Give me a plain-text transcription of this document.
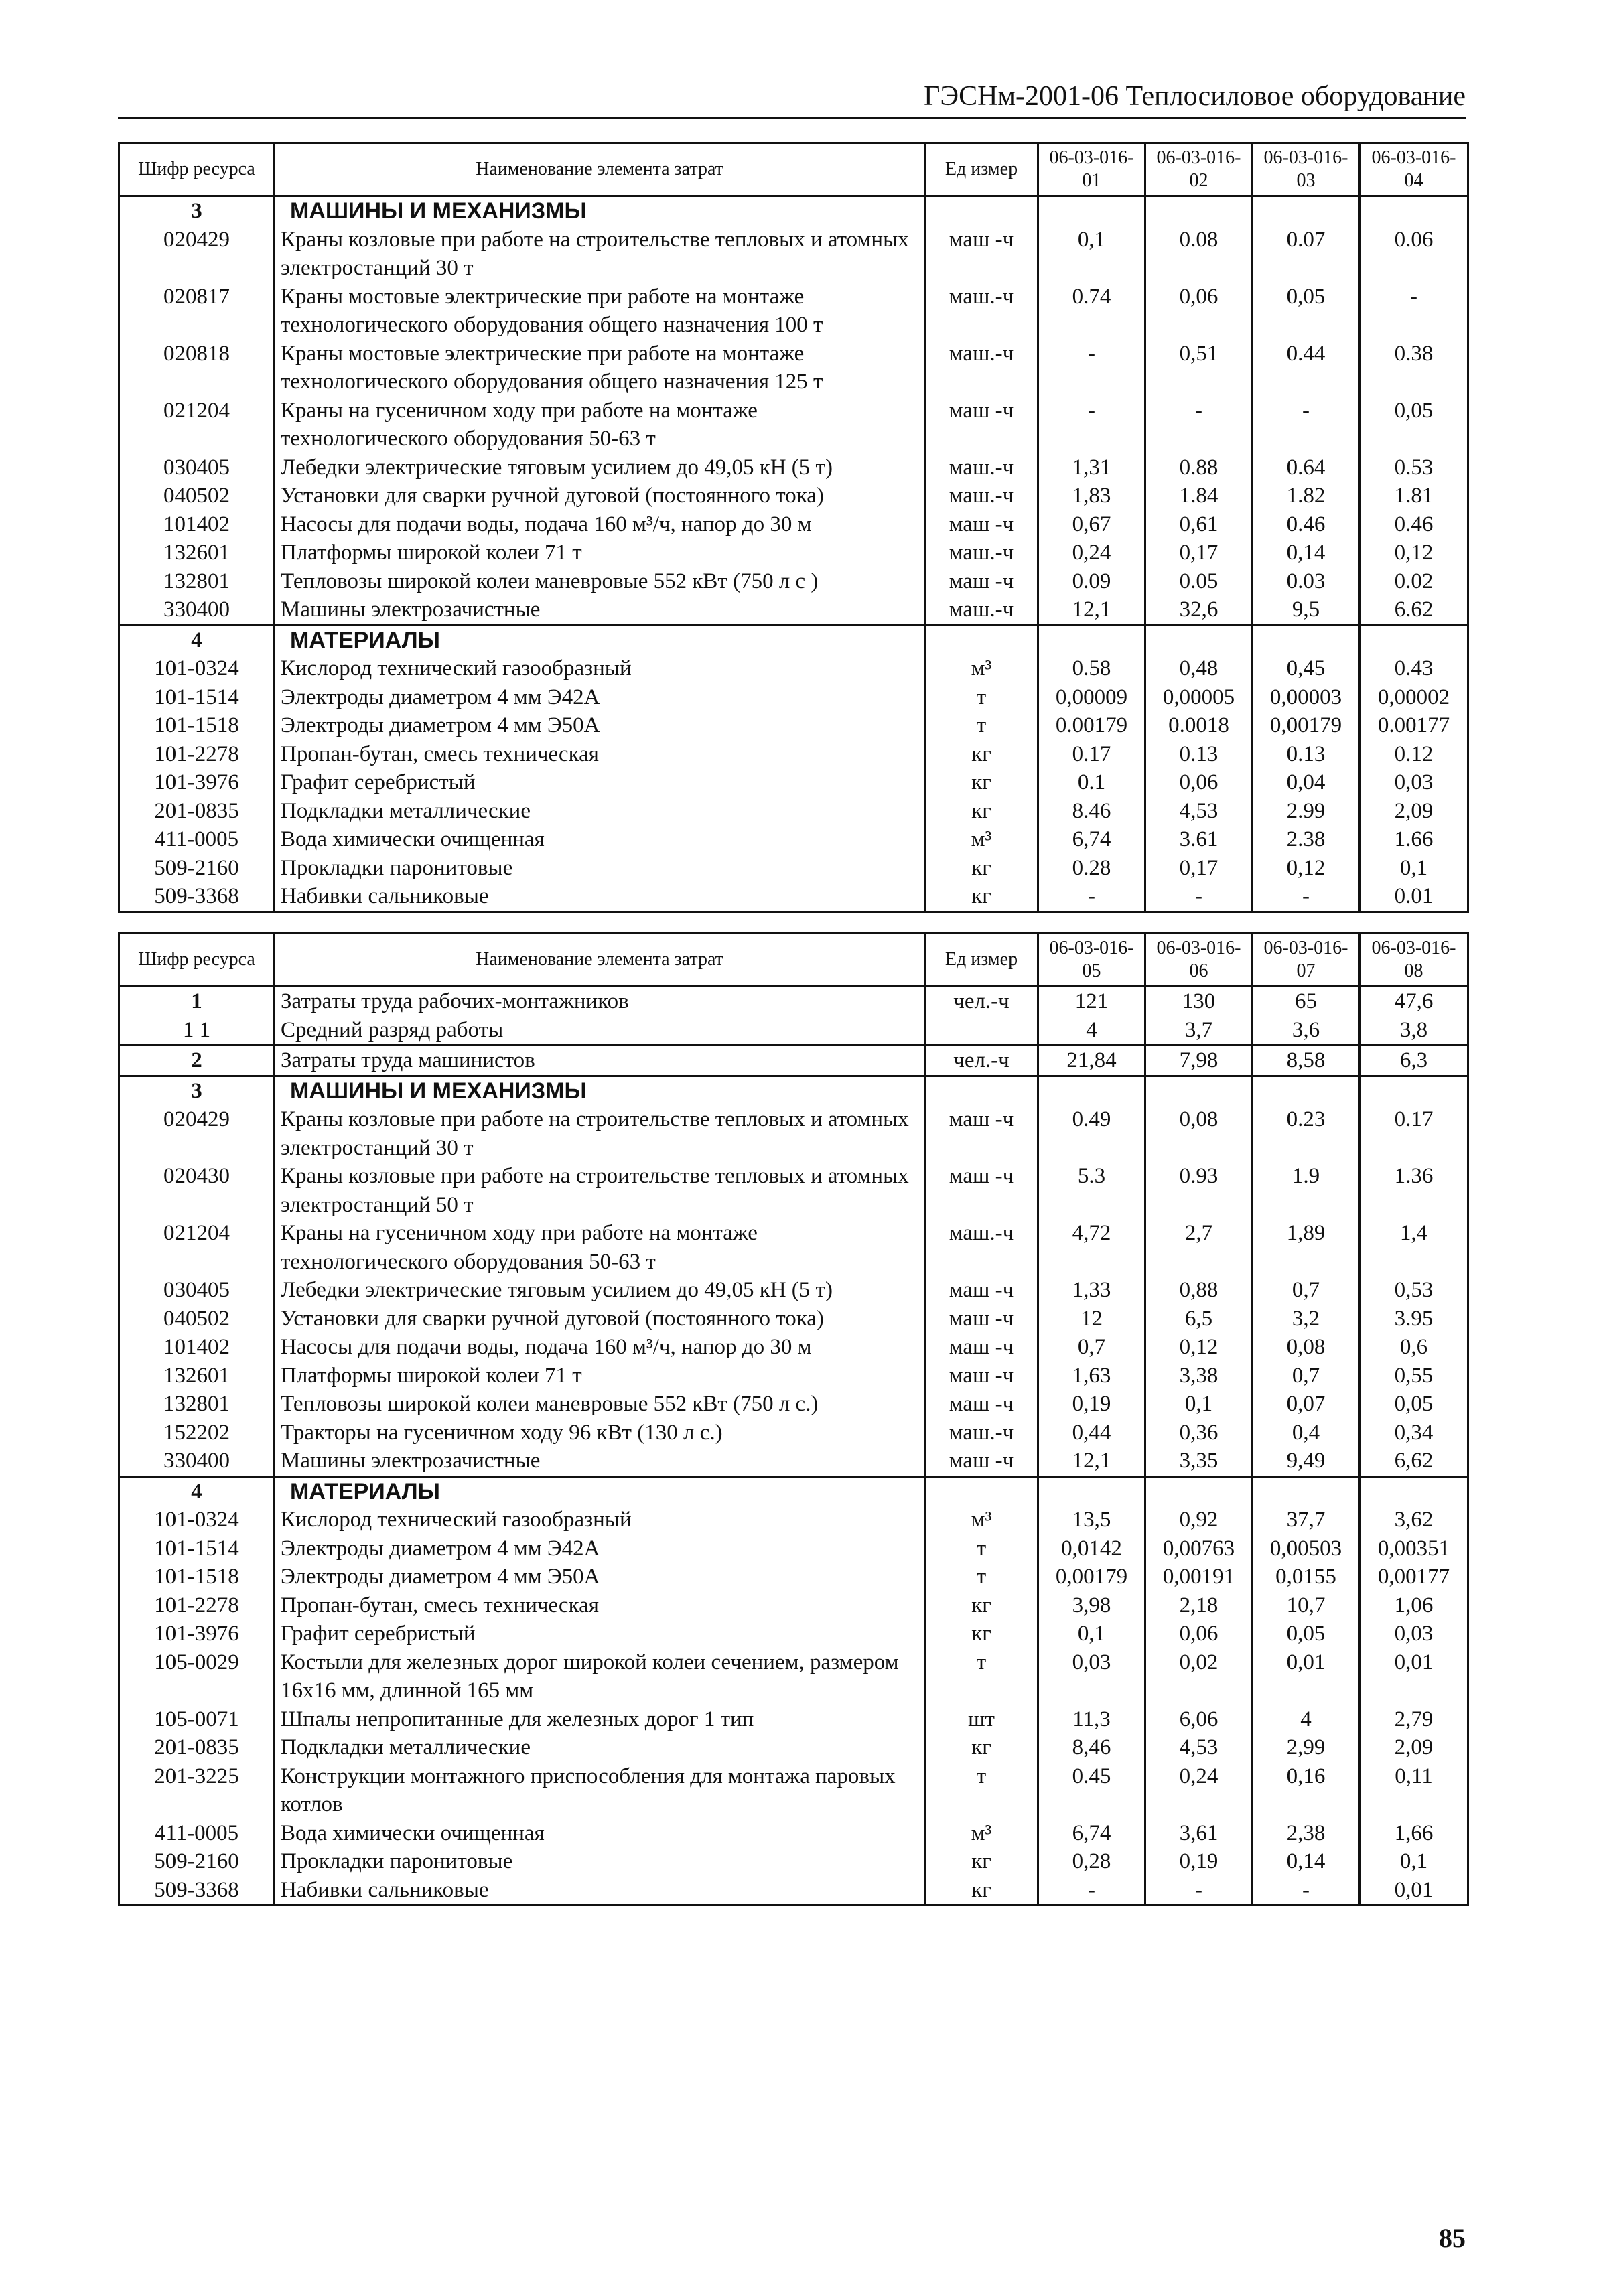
ГЭСНм-2001-06 Теплосиловое оборудование
Шифр ресурса	Наименование элемента затрат	Ед измер	06-03-016-01	06-03-016-02	06-03-016-03	06-03-016-04
3	МАШИНЫ И МЕХАНИЗМЫ					
020429	Краны козловые при работе на строительстве тепловых и атомных электростанций 30 т	маш -ч	0,1	0.08	0.07	0.06
020817	Краны мостовые электрические при работе на монтаже технологического оборудования общего назначения 100 т	маш.-ч	0.74	0,06	0,05	-
020818	Краны мостовые электрические при работе на монтаже технологического оборудования общего назначения 125 т	маш.-ч	-	0,51	0.44	0.38
021204	Краны на гусеничном ходу при работе на монтаже технологического оборудования 50-63 т	маш -ч	-	-	-	0,05
030405	Лебедки электрические тяговым усилием до 49,05 кН (5 т)	маш.-ч	1,31	0.88	0.64	0.53
040502	Установки для сварки ручной дуговой (постоянного тока)	маш.-ч	1,83	1.84	1.82	1.81
101402	Насосы для подачи воды, подача 160 м³/ч, напор до 30 м	маш -ч	0,67	0,61	0.46	0.46
132601	Платформы широкой колеи 71 т	маш.-ч	0,24	0,17	0,14	0,12
132801	Тепловозы широкой колеи маневровые 552 кВт (750 л с )	маш -ч	0.09	0.05	0.03	0.02
330400	Машины электрозачистные	маш.-ч	12,1	32,6	9,5	6.62
4	МАТЕРИАЛЫ					
101-0324	Кислород технический газообразный	м³	0.58	0,48	0,45	0.43
101-1514	Электроды диаметром 4 мм Э42А	т	0,00009	0,00005	0,00003	0,00002
101-1518	Электроды диаметром 4 мм Э50А	т	0.00179	0.0018	0,00179	0.00177
101-2278	Пропан-бутан, смесь техническая	кг	0.17	0.13	0.13	0.12
101-3976	Графит серебристый	кг	0.1	0,06	0,04	0,03
201-0835	Подкладки металлические	кг	8.46	4,53	2.99	2,09
411-0005	Вода химически очищенная	м³	6,74	3.61	2.38	1.66
509-2160	Прокладки паронитовые	кг	0.28	0,17	0,12	0,1
509-3368	Набивки сальниковые	кг	-	-	-	0.01
Шифр ресурса	Наименование элемента затрат	Ед измер	06-03-016-05	06-03-016-06	06-03-016-07	06-03-016-08
1	Затраты труда рабочих-монтажников	чел.-ч	121	130	65	47,6
1 1	Средний разряд работы		4	3,7	3,6	3,8
2	Затраты труда машинистов	чел.-ч	21,84	7,98	8,58	6,3
3	МАШИНЫ И МЕХАНИЗМЫ					
020429	Краны козловые при работе на строительстве тепловых и атомных электростанций 30 т	маш -ч	0.49	0,08	0.23	0.17
020430	Краны козловые при работе на строительстве тепловых и атомных электростанций 50 т	маш -ч	5.3	0.93	1.9	1.36
021204	Краны на гусеничном ходу при работе на монтаже технологического оборудования 50-63 т	маш.-ч	4,72	2,7	1,89	1,4
030405	Лебедки электрические тяговым усилием до 49,05 кН (5 т)	маш -ч	1,33	0,88	0,7	0,53
040502	Установки для сварки ручной дуговой (постоянного тока)	маш -ч	12	6,5	3,2	3.95
101402	Насосы для подачи воды, подача 160 м³/ч, напор до 30 м	маш -ч	0,7	0,12	0,08	0,6
132601	Платформы широкой колеи 71 т	маш -ч	1,63	3,38	0,7	0,55
132801	Тепловозы широкой колеи маневровые 552 кВт (750 л с.)	маш -ч	0,19	0,1	0,07	0,05
152202	Тракторы на гусеничном ходу 96 кВт (130 л с.)	маш.-ч	0,44	0,36	0,4	0,34
330400	Машины электрозачистные	маш -ч	12,1	3,35	9,49	6,62
4	МАТЕРИАЛЫ					
101-0324	Кислород технический газообразный	м³	13,5	0,92	37,7	3,62
101-1514	Электроды диаметром 4 мм Э42А	т	0,0142	0,00763	0,00503	0,00351
101-1518	Электроды диаметром 4 мм Э50А	т	0,00179	0,00191	0,0155	0,00177
101-2278	Пропан-бутан, смесь техническая	кг	3,98	2,18	10,7	1,06
101-3976	Графит серебристый	кг	0,1	0,06	0,05	0,03
105-0029	Костыли для железных дорог широкой колеи сечением, размером 16х16 мм, длинной 165 мм	т	0,03	0,02	0,01	0,01
105-0071	Шпалы непропитанные для железных дорог 1 тип	шт	11,3	6,06	4	2,79
201-0835	Подкладки металлические	кг	8,46	4,53	2,99	2,09
201-3225	Конструкции монтажного приспособления для монтажа паровых котлов	т	0.45	0,24	0,16	0,11
411-0005	Вода химически очищенная	м³	6,74	3,61	2,38	1,66
509-2160	Прокладки паронитовые	кг	0,28	0,19	0,14	0,1
509-3368	Набивки сальниковые	кг	-	-	-	0,01
85
